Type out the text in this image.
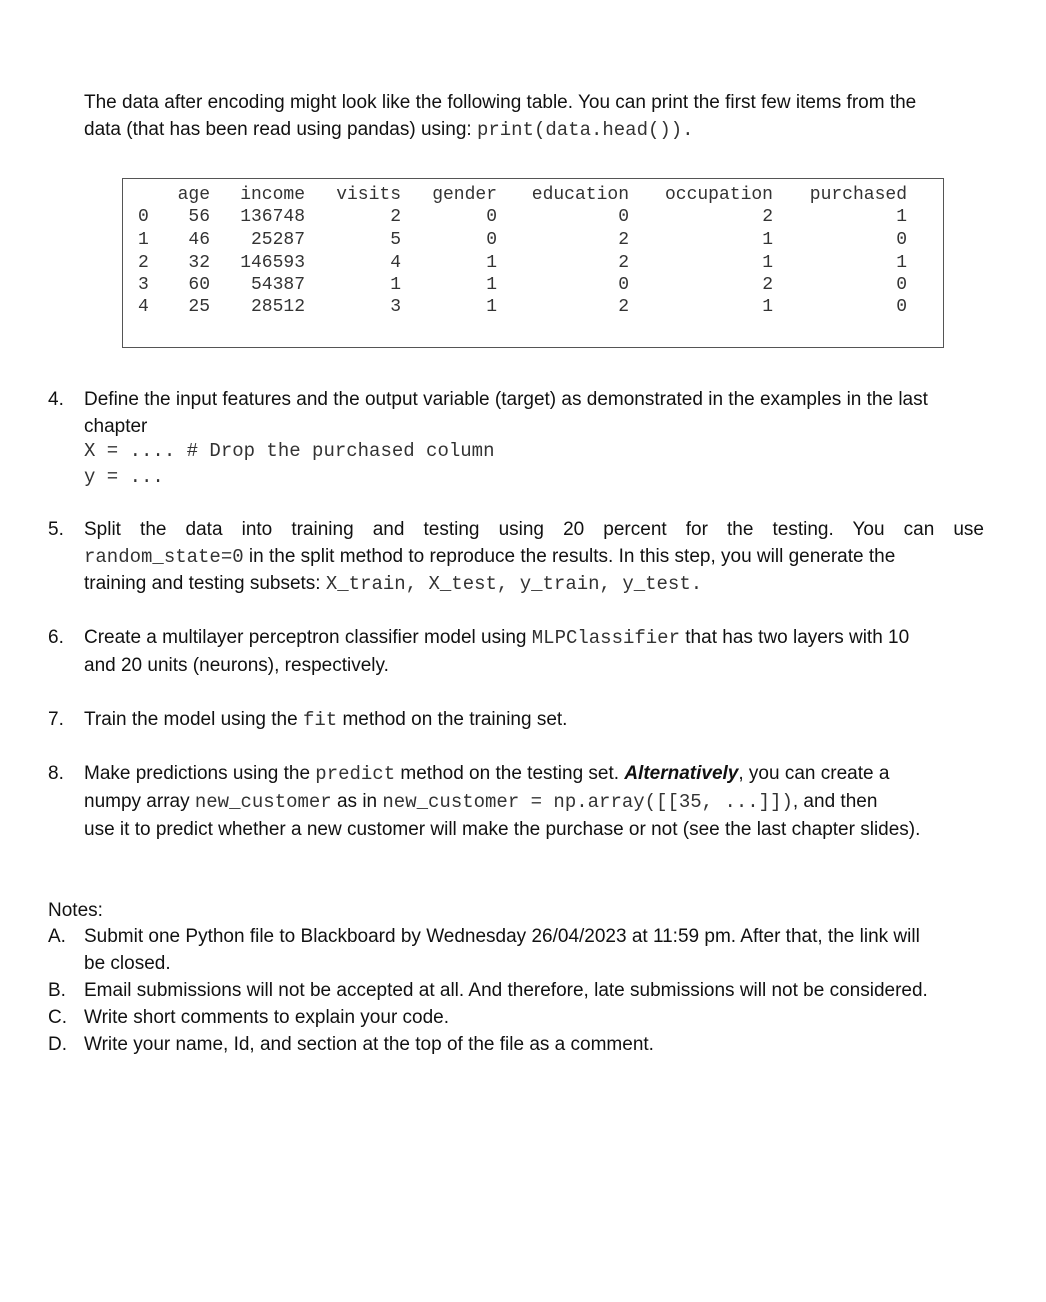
The data after encoding might look like the following table. You can print the first few items from the
data (that has been read using pandas) using: print(data.head()).
age income visits gender education occupation purchased
0 56 136748	2	0	0	2	1
1 46 25287	5	0	2	1	0
2 32 146593	4	1	2	1	1
3 60 54387	1	1	0	2	0
4 25 28512	3	1	2	1	0
4. Define the input features and the output variable (target) as demonstrated in the examples in the last chapter
X = .... # Drop the purchased column
y = ...
5. Split the data into training and testing using 20 percent for the testing. You can use
random_state=0 in the split method to reproduce the results. In this step, you will generate the
training and testing subsets: X_train, X_test, y_train, y_test.
6. Create a multilayer perceptron classifier model using MLPClassifier that has two layers with 10
and 20 units (neurons), respectively.
7. Train the model using the fit method on the training set.
8. Make predictions using the predict method on the testing set. Alternatively, you can create a
numpy array new_customer as in new_customer = np.array([[35, ...]]), and then
use it to predict whether a new customer will make the purchase or not (see the last chapter slides).
Notes:
A. Submit one Python file to Blackboard by Wednesday 26/04/2023 at 11:59 pm. After that, the link will
be closed.
B. Email submissions will not be accepted at all. And therefore, late submissions will not be considered.
C. Write short comments to explain your code.
D. Write your name, Id, and section at the top of the file as a comment.
